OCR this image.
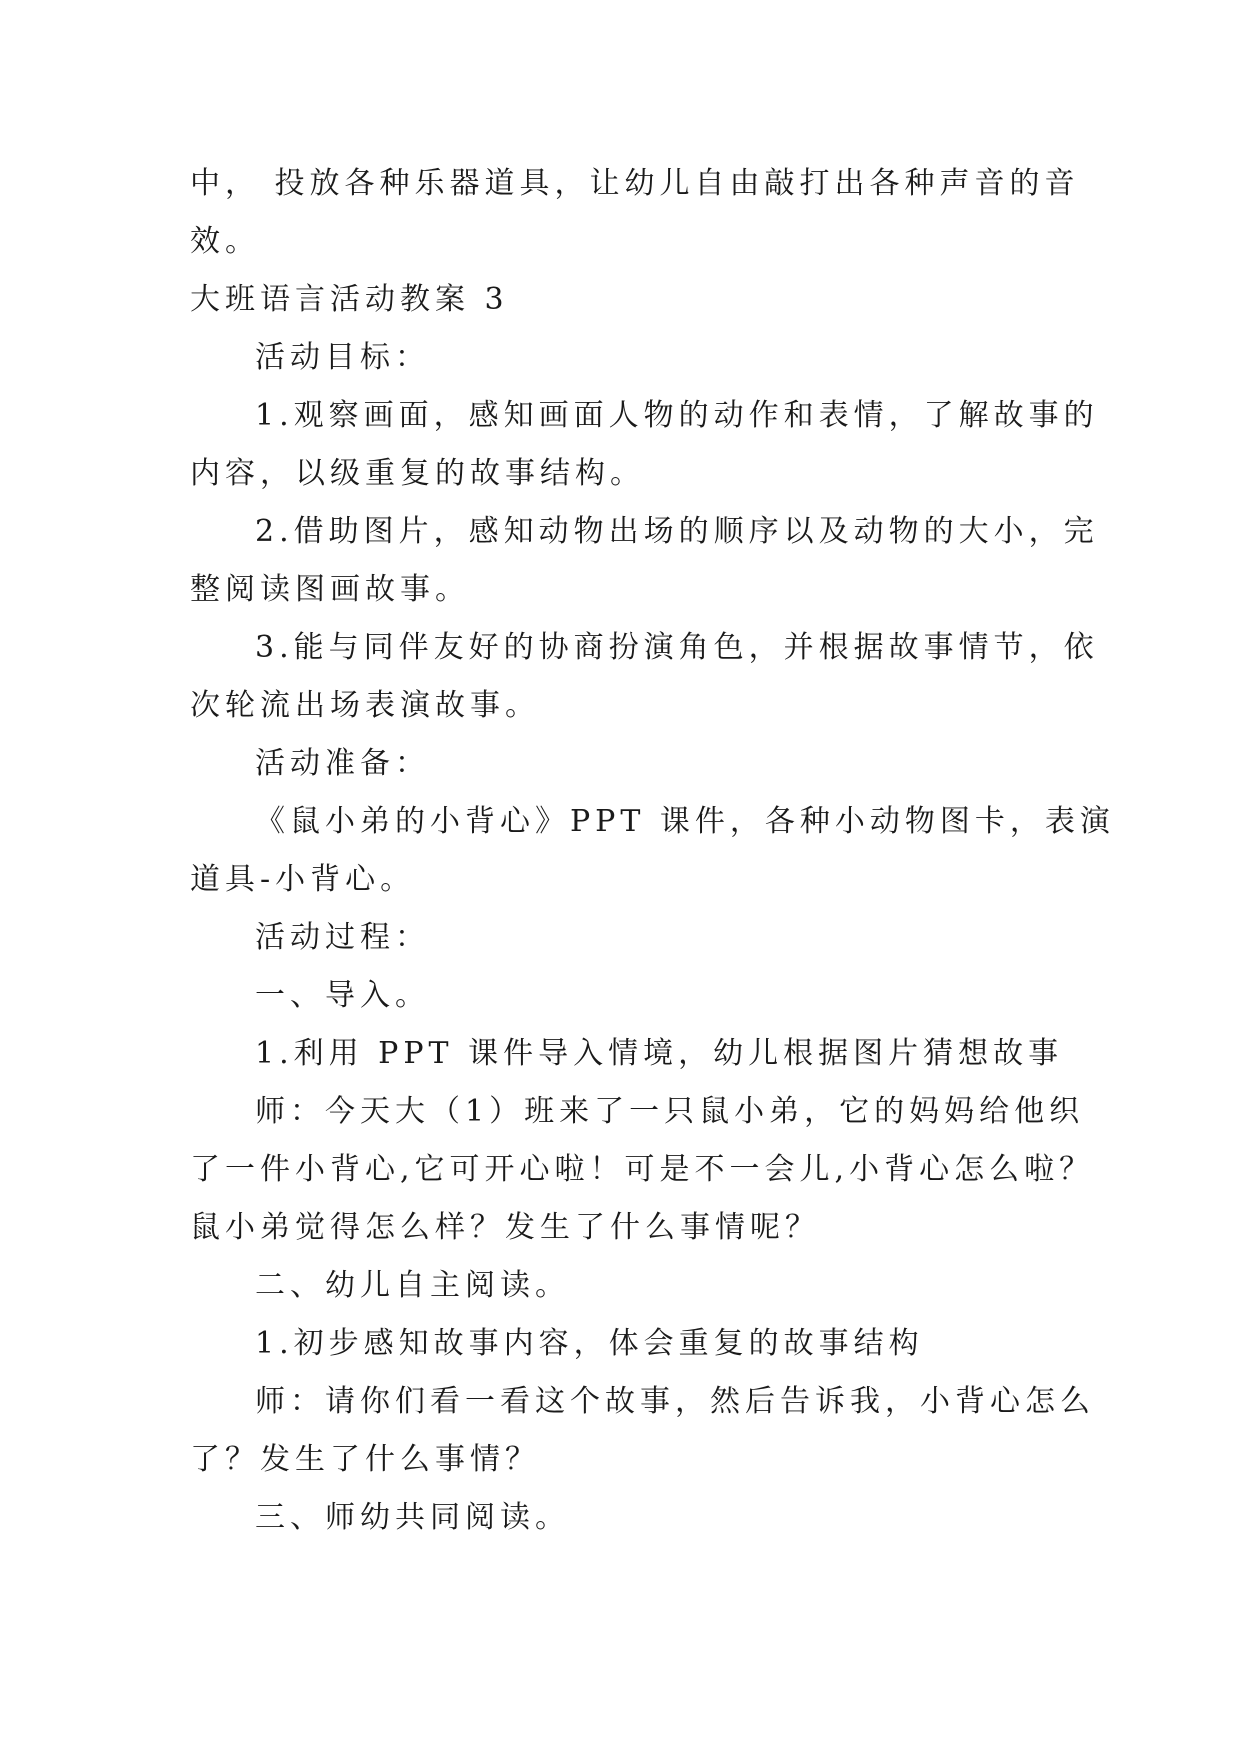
中， 投放各种乐器道具，让幼儿自由敲打出各种声音的音

效。

大班语言活动教案 3

活动目标：

1.观察画面，感知画面人物的动作和表情，了解故事的

内容，以级重复的故事结构。

2.借助图片，感知动物出场的顺序以及动物的大小，完

整阅读图画故事。

3.能与同伴友好的协商扮演角色，并根据故事情节，依

次轮流出场表演故事。

活动准备：

《鼠小弟的小背心》PPT 课件，各种小动物图卡，表演

道具-小背心。

活动过程：

一、导入。

1.利用 PPT 课件导入情境，幼儿根据图片猜想故事

师：今天大（1）班来了一只鼠小弟，它的妈妈给他织

了一件小背心,它可开心啦！可是不一会儿,小背心怎么啦？

鼠小弟觉得怎么样？发生了什么事情呢？

二、幼儿自主阅读。

1.初步感知故事内容，体会重复的故事结构

师：请你们看一看这个故事，然后告诉我，小背心怎么

了？发生了什么事情？

三、师幼共同阅读。
